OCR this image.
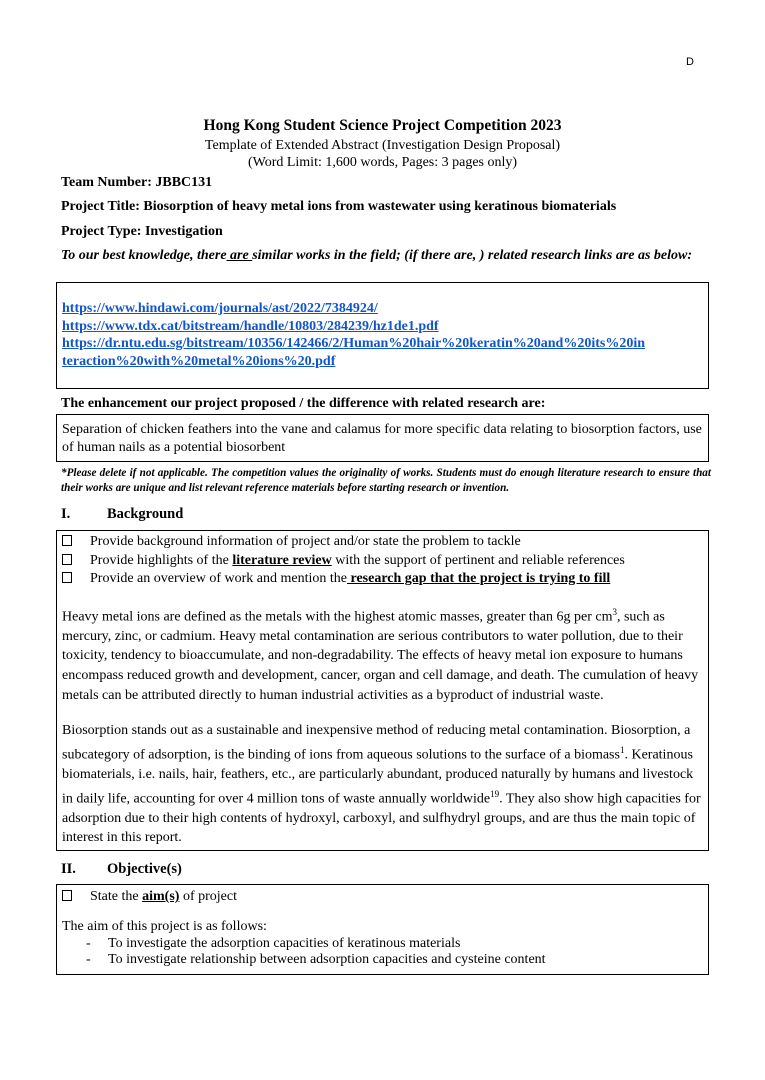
D
Hong Kong Student Science Project Competition 2023
Template of Extended Abstract (Investigation Design Proposal)
(Word Limit: 1,600 words, Pages: 3 pages only)
Team Number: JBBC131
Project Title: Biosorption of heavy metal ions from wastewater using keratinous biomaterials
Project Type: Investigation
To our best knowledge, there are similar works in the field; (if there are, ) related research links are as below:
https://www.hindawi.com/journals/ast/2022/7384924/
https://www.tdx.cat/bitstream/handle/10803/284239/hz1de1.pdf
https://dr.ntu.edu.sg/bitstream/10356/142466/2/Human%20hair%20keratin%20and%20its%20in
teraction%20with%20metal%20ions%20.pdf
The enhancement our project proposed / the difference with related research are:
Separation of chicken feathers into the vane and calamus for more specific data relating to biosorption factors, use of human nails as a potential biosorbent
*Please delete if not applicable. The competition values the originality of works. Students must do enough literature research to ensure that their works are unique and list relevant reference materials before starting research or invention.
I.	Background
Provide background information of project and/or state the problem to tackle
Provide highlights of the literature review with the support of pertinent and reliable references
Provide an overview of work and mention the research gap that the project is trying to fill
Heavy metal ions are defined as the metals with the highest atomic masses, greater than 6g per $cm^3$, such as mercury, zinc, or cadmium. Heavy metal contamination are serious contributors to water pollution, due to their toxicity, tendency to bioaccumulate, and non-degradability. The effects of heavy metal ion exposure to humans encompass reduced growth and development, cancer, organ and cell damage, and death. The cumulation of heavy metals can be attributed directly to human industrial activities as a byproduct of industrial waste.
Biosorption stands out as a sustainable and inexpensive method of reducing metal contamination. Biosorption, a subcategory of adsorption, is the binding of ions from aqueous solutions to the surface of a biomass$^1$. Keratinous biomaterials, i.e. nails, hair, feathers, etc., are particularly abundant, produced naturally by humans and livestock in daily life, accounting for over 4 million tons of waste annually worldwide$^{19}$. They also show high capacities for adsorption due to their high contents of hydroxyl, carboxyl, and sulfhydryl groups, and are thus the main topic of interest in this report.
II. Objective(s)
State the aim(s) of project
The aim of this project is as follows:
- To investigate the adsorption capacities of keratinous materials
- To investigate relationship between adsorption capacities and cysteine content
